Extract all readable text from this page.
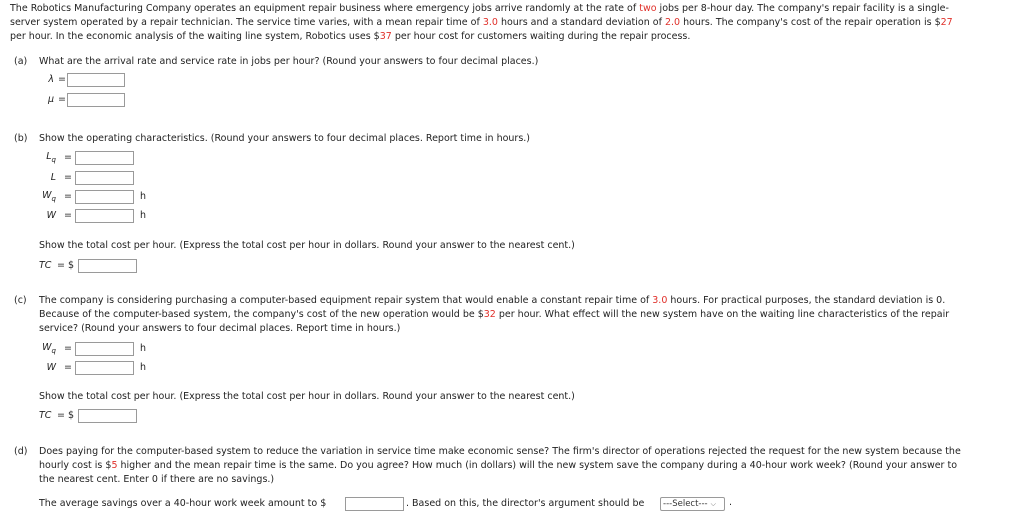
The Robotics Manufacturing Company operates an equipment repair business where emergency jobs arrive randomly at the rate of two jobs per 8-hour day. The company's repair facility is a single-
server system operated by a repair technician. The service time varies, with a mean repair time of 3.0 hours and a standard deviation of 2.0 hours. The company's cost of the repair operation is $27
per hour. In the economic analysis of the waiting line system, Robotics uses $37 per hour cost for customers waiting during the repair process.
(a) What are the arrival rate and service rate in jobs per hour? (Round your answers to four decimal places.)
λ =
μ =
(b) Show the operating characteristics. (Round your answers to four decimal places. Report time in hours.)
$L_q$ =
L =
$W_q$ =	h
W =	h
Show the total cost per hour. (Express the total cost per hour in dollars. Round your answer to the nearest cent.)
TC = $
(c) The company is considering purchasing a computer-based equipment repair system that would enable a constant repair time of 3.0 hours. For practical purposes, the standard deviation is 0.
Because of the computer-based system, the company's cost of the new operation would be $32 per hour. What effect will the new system have on the waiting line characteristics of the repair
service? (Round your answers to four decimal places. Report time in hours.)
$W_q$ =	h
W =	h
Show the total cost per hour. (Express the total cost per hour in dollars. Round your answer to the nearest cent.)
TC = $
(d) Does paying for the computer-based system to reduce the variation in service time make economic sense? The firm's director of operations rejected the request for the new system because the
hourly cost is $5 higher and the mean repair time is the same. Do you agree? How much (in dollars) will the new system save the company during a 40-hour work week? (Round your answer to
the nearest cent. Enter 0 if there are no savings.)
The average savings over a 40-hour work week amount to $	. Based on this, the director's argument should be	---Select--- ⌵	.
